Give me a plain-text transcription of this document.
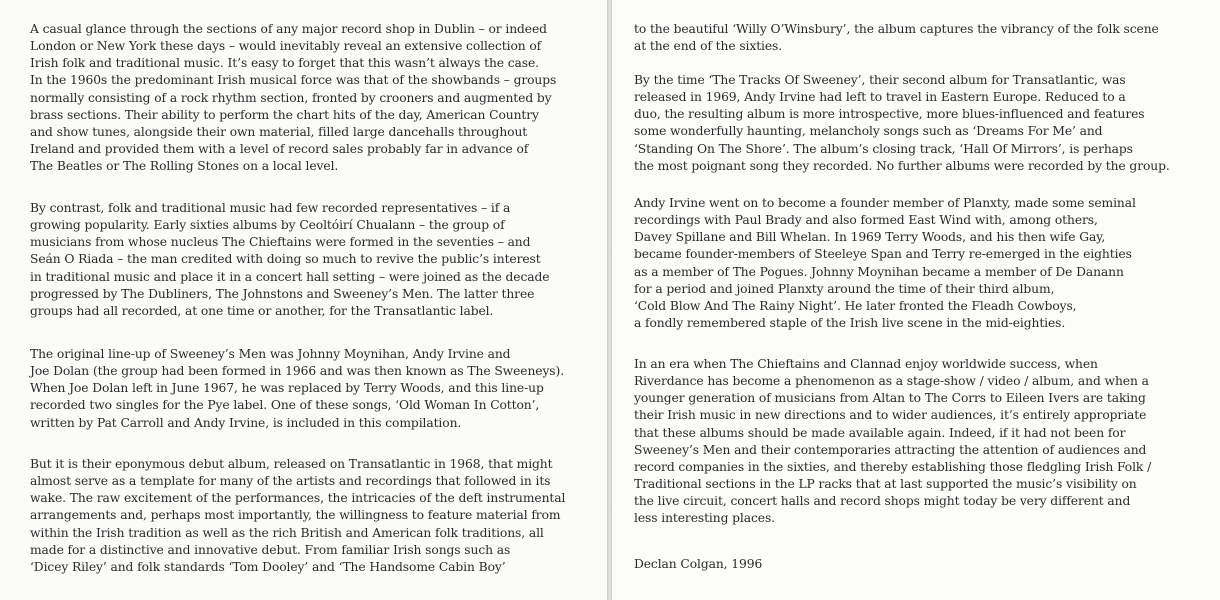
A casual glance through the sections of any major record shop in Dublin – or indeed
London or New York these days – would inevitably reveal an extensive collection of
Irish folk and traditional music. It’s easy to forget that this wasn’t always the case.
In the 1960s the predominant Irish musical force was that of the showbands – groups
normally consisting of a rock rhythm section, fronted by crooners and augmented by
brass sections. Their ability to perform the chart hits of the day, American Country
and show tunes, alongside their own material, filled large dancehalls throughout
Ireland and provided them with a level of record sales probably far in advance of
The Beatles or The Rolling Stones on a local level.
By contrast, folk and traditional music had few recorded representatives – if a
growing popularity. Early sixties albums by Ceoltóirí Chualann – the group of
musicians from whose nucleus The Chieftains were formed in the seventies – and
Seán O Riada – the man credited with doing so much to revive the public’s interest
in traditional music and place it in a concert hall setting – were joined as the decade
progressed by The Dubliners, The Johnstons and Sweeney’s Men. The latter three
groups had all recorded, at one time or another, for the Transatlantic label.
The original line-up of Sweeney’s Men was Johnny Moynihan, Andy Irvine and
Joe Dolan (the group had been formed in 1966 and was then known as The Sweeneys).
When Joe Dolan left in June 1967, he was replaced by Terry Woods, and this line-up
recorded two singles for the Pye label. One of these songs, ‘Old Woman In Cotton’,
written by Pat Carroll and Andy Irvine, is included in this compilation.
But it is their eponymous debut album, released on Transatlantic in 1968, that might
almost serve as a template for many of the artists and recordings that followed in its
wake. The raw excitement of the performances, the intricacies of the deft instrumental
arrangements and, perhaps most importantly, the willingness to feature material from
within the Irish tradition as well as the rich British and American folk traditions, all
made for a distinctive and innovative debut. From familiar Irish songs such as
‘Dicey Riley’ and folk standards ‘Tom Dooley’ and ‘The Handsome Cabin Boy’
to the beautiful ‘Willy O’Winsbury’, the album captures the vibrancy of the folk scene
at the end of the sixties.
By the time ‘The Tracks Of Sweeney’, their second album for Transatlantic, was
released in 1969, Andy Irvine had left to travel in Eastern Europe. Reduced to a
duo, the resulting album is more introspective, more blues-influenced and features
some wonderfully haunting, melancholy songs such as ‘Dreams For Me’ and
‘Standing On The Shore’. The album’s closing track, ‘Hall Of Mirrors’, is perhaps
the most poignant song they recorded. No further albums were recorded by the group.
Andy Irvine went on to become a founder member of Planxty, made some seminal
recordings with Paul Brady and also formed East Wind with, among others,
Davey Spillane and Bill Whelan. In 1969 Terry Woods, and his then wife Gay,
became founder-members of Steeleye Span and Terry re-emerged in the eighties
as a member of The Pogues. Johnny Moynihan became a member of De Danann
for a period and joined Planxty around the time of their third album,
‘Cold Blow And The Rainy Night’. He later fronted the Fleadh Cowboys,
a fondly remembered staple of the Irish live scene in the mid-eighties.
In an era when The Chieftains and Clannad enjoy worldwide success, when
Riverdance has become a phenomenon as a stage-show / video / album, and when a
younger generation of musicians from Altan to The Corrs to Eileen Ivers are taking
their Irish music in new directions and to wider audiences, it’s entirely appropriate
that these albums should be made available again. Indeed, if it had not been for
Sweeney’s Men and their contemporaries attracting the attention of audiences and
record companies in the sixties, and thereby establishing those fledgling Irish Folk /
Traditional sections in the LP racks that at last supported the music’s visibility on
the live circuit, concert halls and record shops might today be very different and
less interesting places.
Declan Colgan, 1996
